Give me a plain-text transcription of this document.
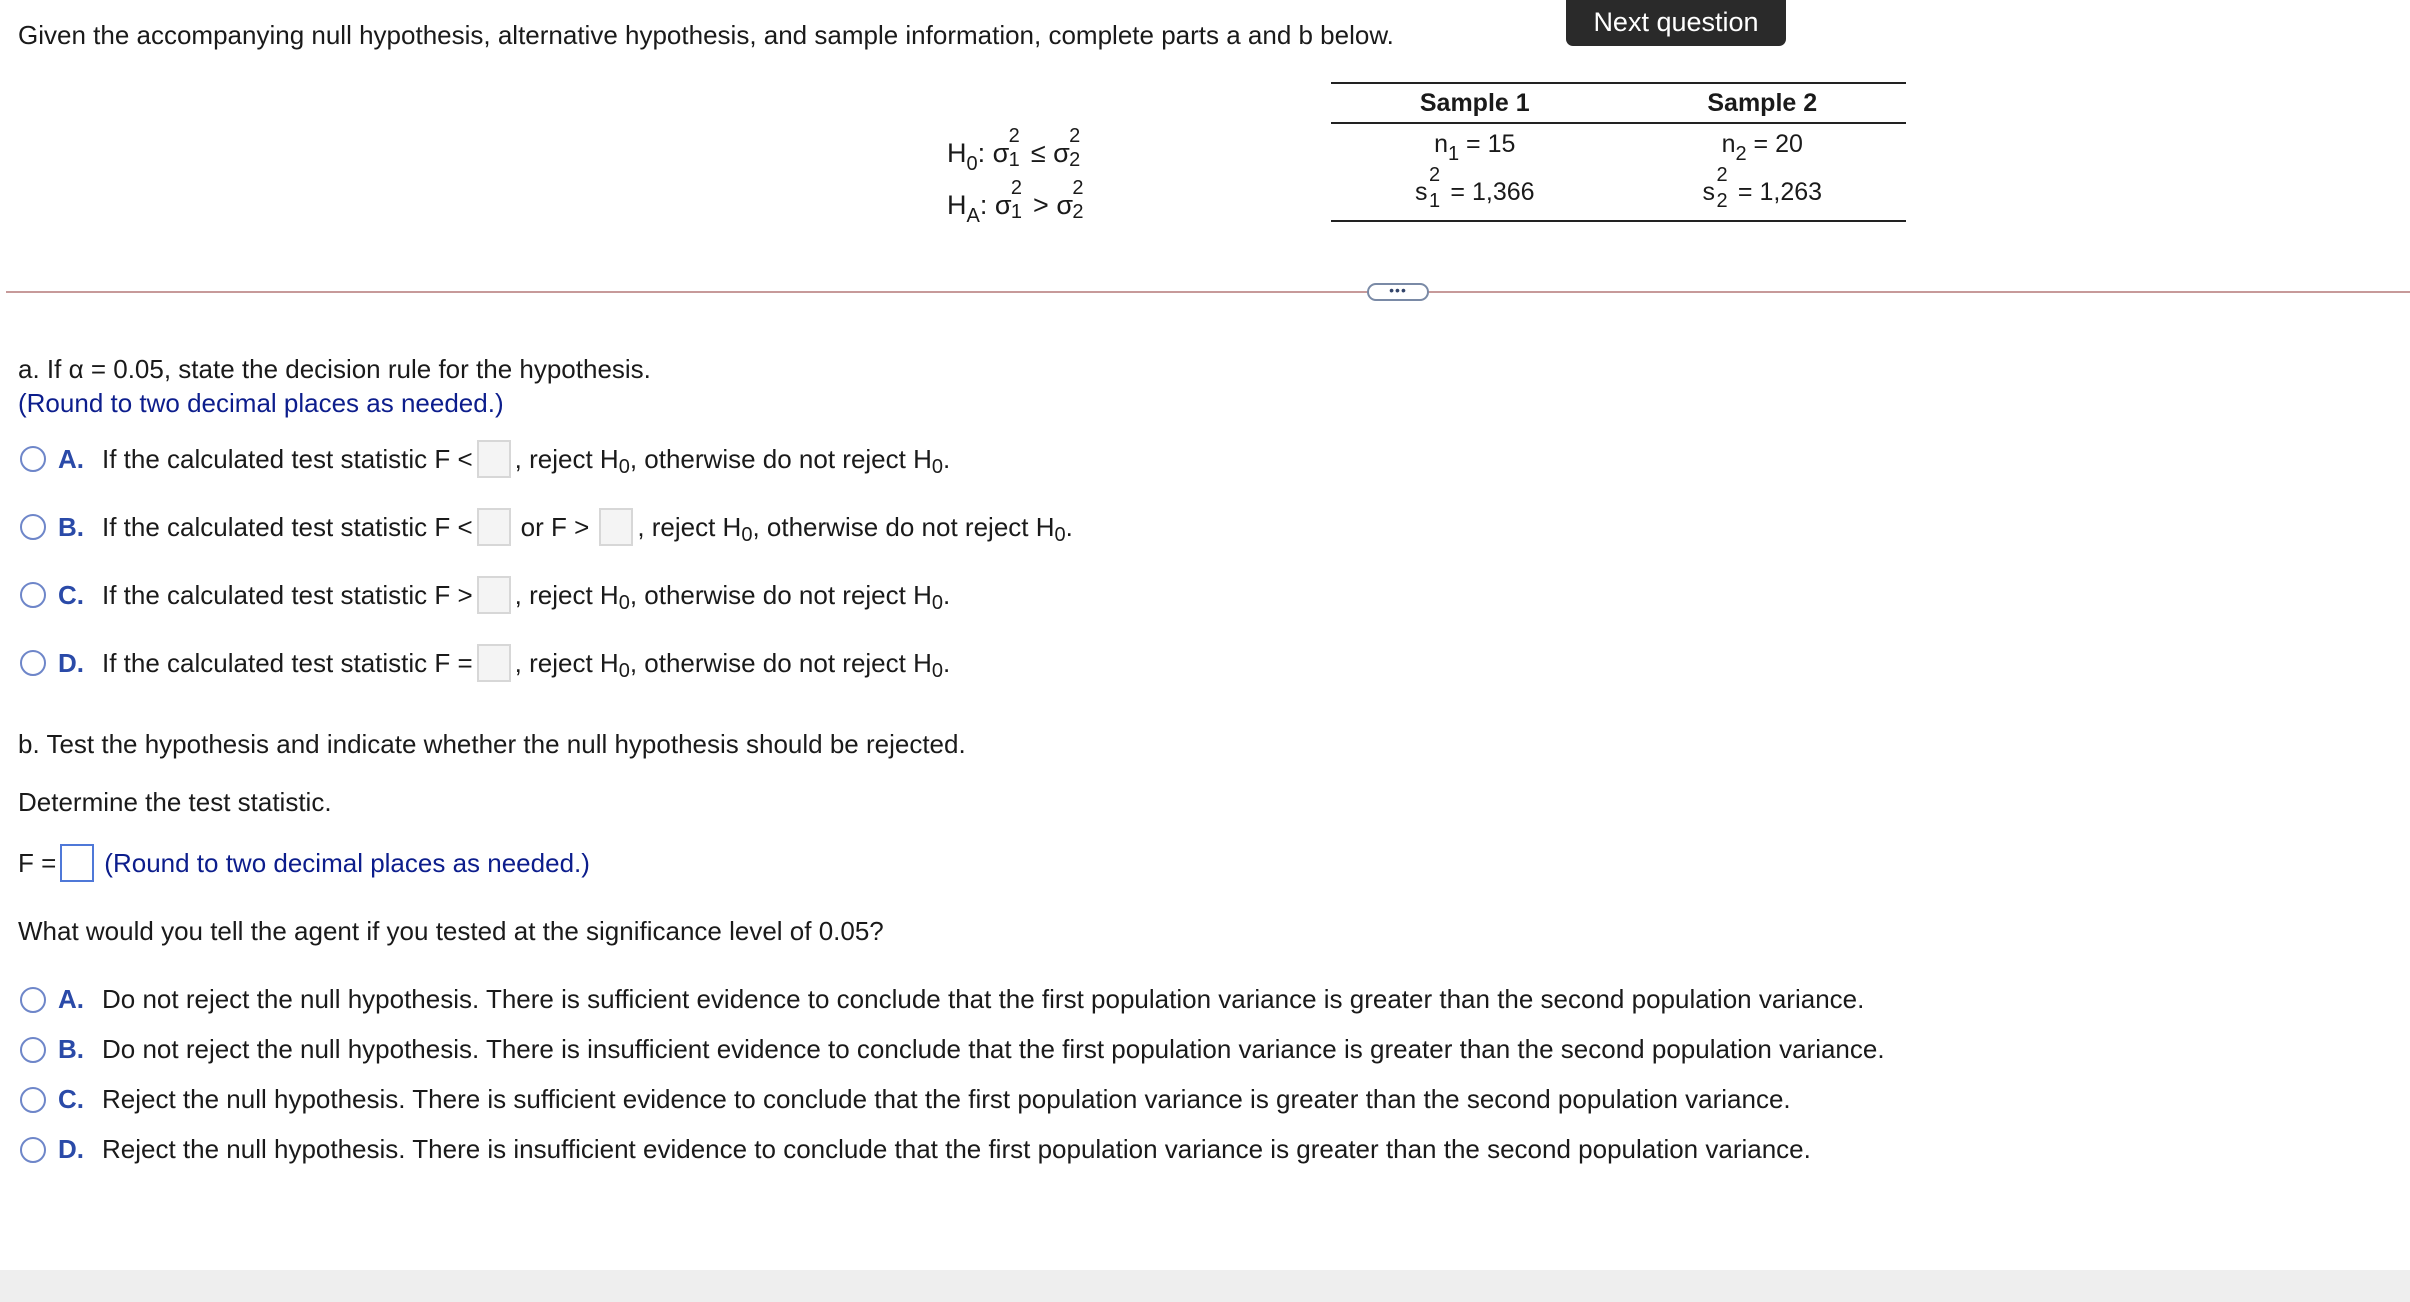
Given the accompanying null hypothesis, alternative hypothesis, and sample information, complete parts a and b below.	Next question
$H_0$: σ
2
1 ≤ σ
2
2
$H_A$: σ
2
1 > σ
2
2
Sample 1	Sample 2
$n_1 = 15$	$n_2 = 20$
s
2
1 = 1,366	s
2
2 = 1,263
•••
a. If α = 0.05, state the decision rule for the hypothesis.
(Round to two decimal places as needed.)
A. If the calculated test statistic F < , reject H 0 , otherwise do not reject H 0 .
B. If the calculated test statistic F < or F > , reject H 0 , otherwise do not reject H 0 .
C. If the calculated test statistic F > , reject H 0 , otherwise do not reject H 0 .
D. If the calculated test statistic F = , reject H 0 , otherwise do not reject H 0 .
b. Test the hypothesis and indicate whether the null hypothesis should be rejected.
Determine the test statistic.
F = (Round to two decimal places as needed.)
What would you tell the agent if you tested at the significance level of 0.05?
A. Do not reject the null hypothesis. There is sufficient evidence to conclude that the first population variance is greater than the second population variance.
B. Do not reject the null hypothesis. There is insufficient evidence to conclude that the first population variance is greater than the second population variance.
C. Reject the null hypothesis. There is sufficient evidence to conclude that the first population variance is greater than the second population variance.
D. Reject the null hypothesis. There is insufficient evidence to conclude that the first population variance is greater than the second population variance.
